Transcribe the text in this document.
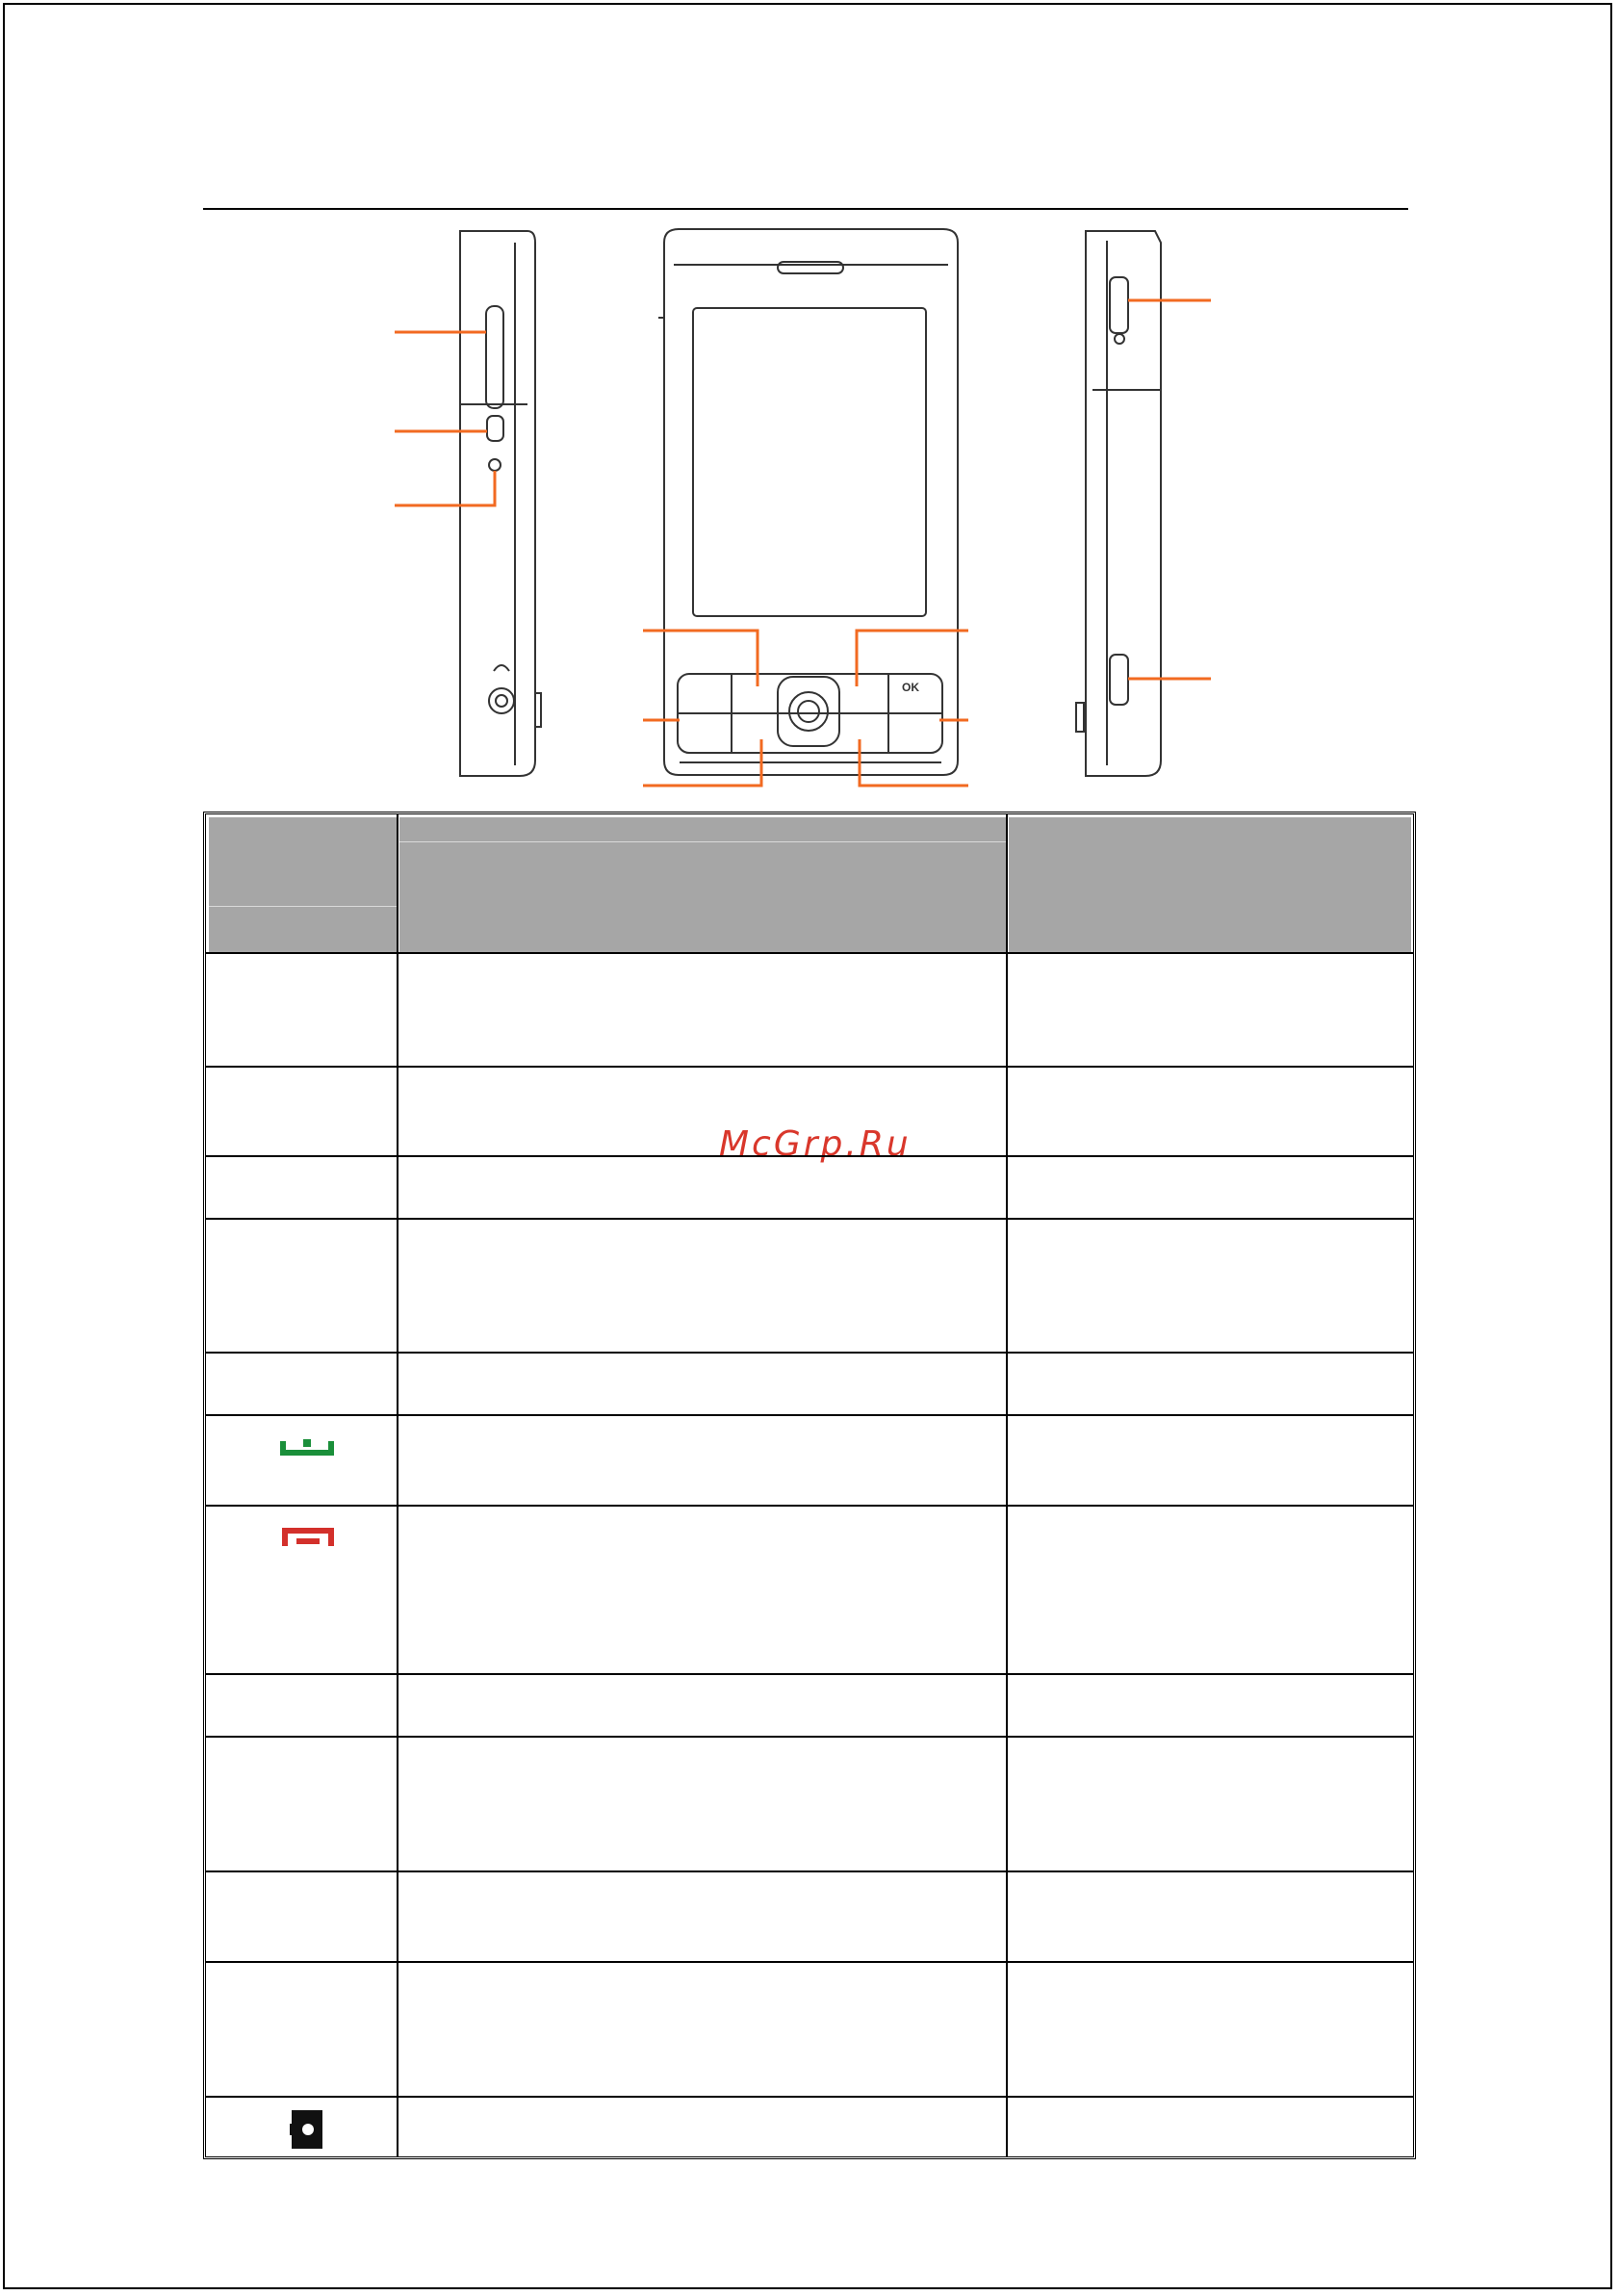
OK
McGrp.Ru
